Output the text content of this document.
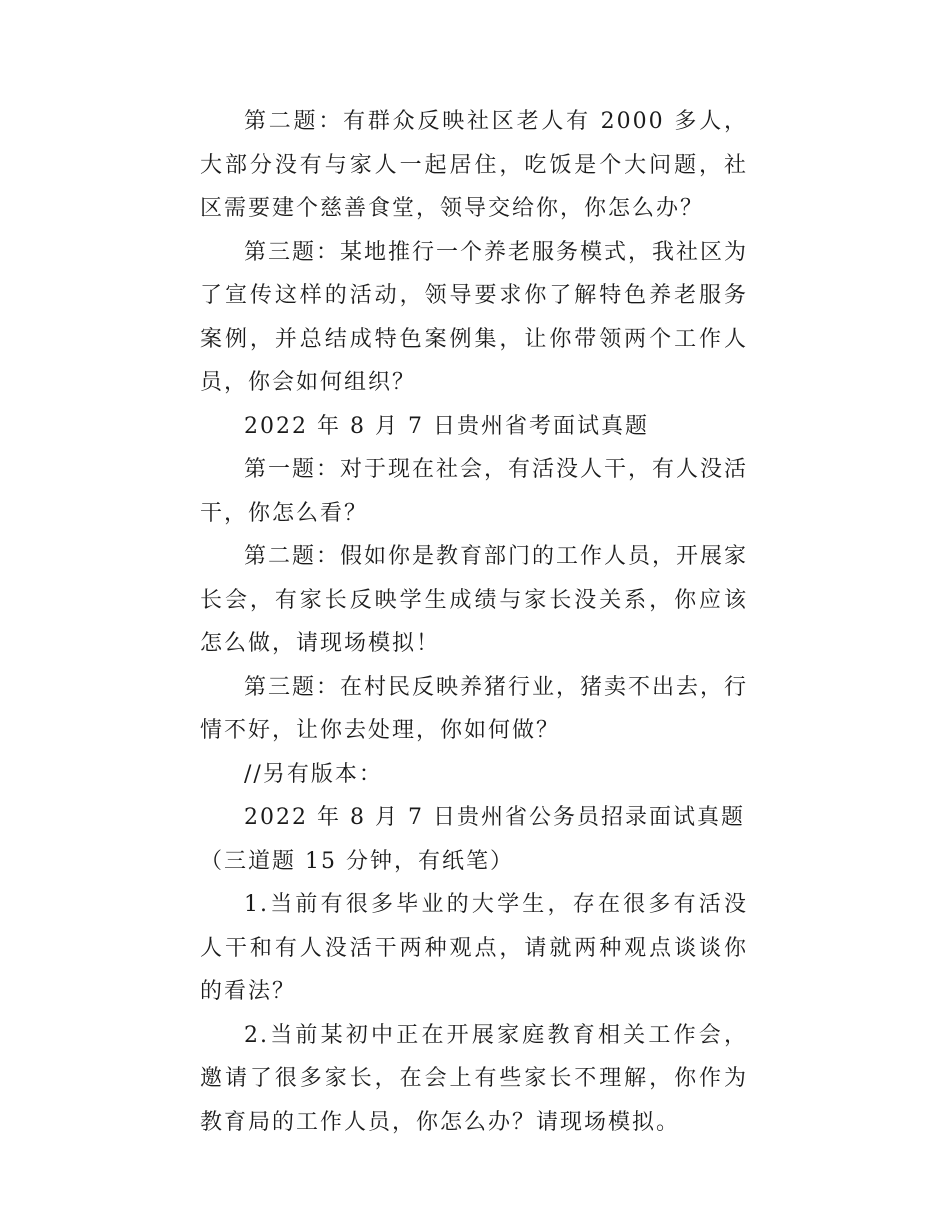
第二题：有群众反映社区老人有 2000 多人，大部分没有与家人一起居住，吃饭是个大问题，社区需要建个慈善食堂，领导交给你，你怎么办？

第三题：某地推行一个养老服务模式，我社区为了宣传这样的活动，领导要求你了解特色养老服务案例，并总结成特色案例集，让你带领两个工作人员，你会如何组织？

2022 年 8 月 7 日贵州省考面试真题

第一题：对于现在社会，有活没人干，有人没活干，你怎么看？

第二题：假如你是教育部门的工作人员，开展家长会，有家长反映学生成绩与家长没关系，你应该怎么做，请现场模拟！

第三题：在村民反映养猪行业，猪卖不出去，行情不好，让你去处理，你如何做？

//另有版本：

2022 年 8 月 7 日贵州省公务员招录面试真题

（三道题 15 分钟，有纸笔）

1.当前有很多毕业的大学生，存在很多有活没人干和有人没活干两种观点，请就两种观点谈谈你的看法？

2.当前某初中正在开展家庭教育相关工作会，邀请了很多家长，在会上有些家长不理解，你作为教育局的工作人员，你怎么办？请现场模拟。
